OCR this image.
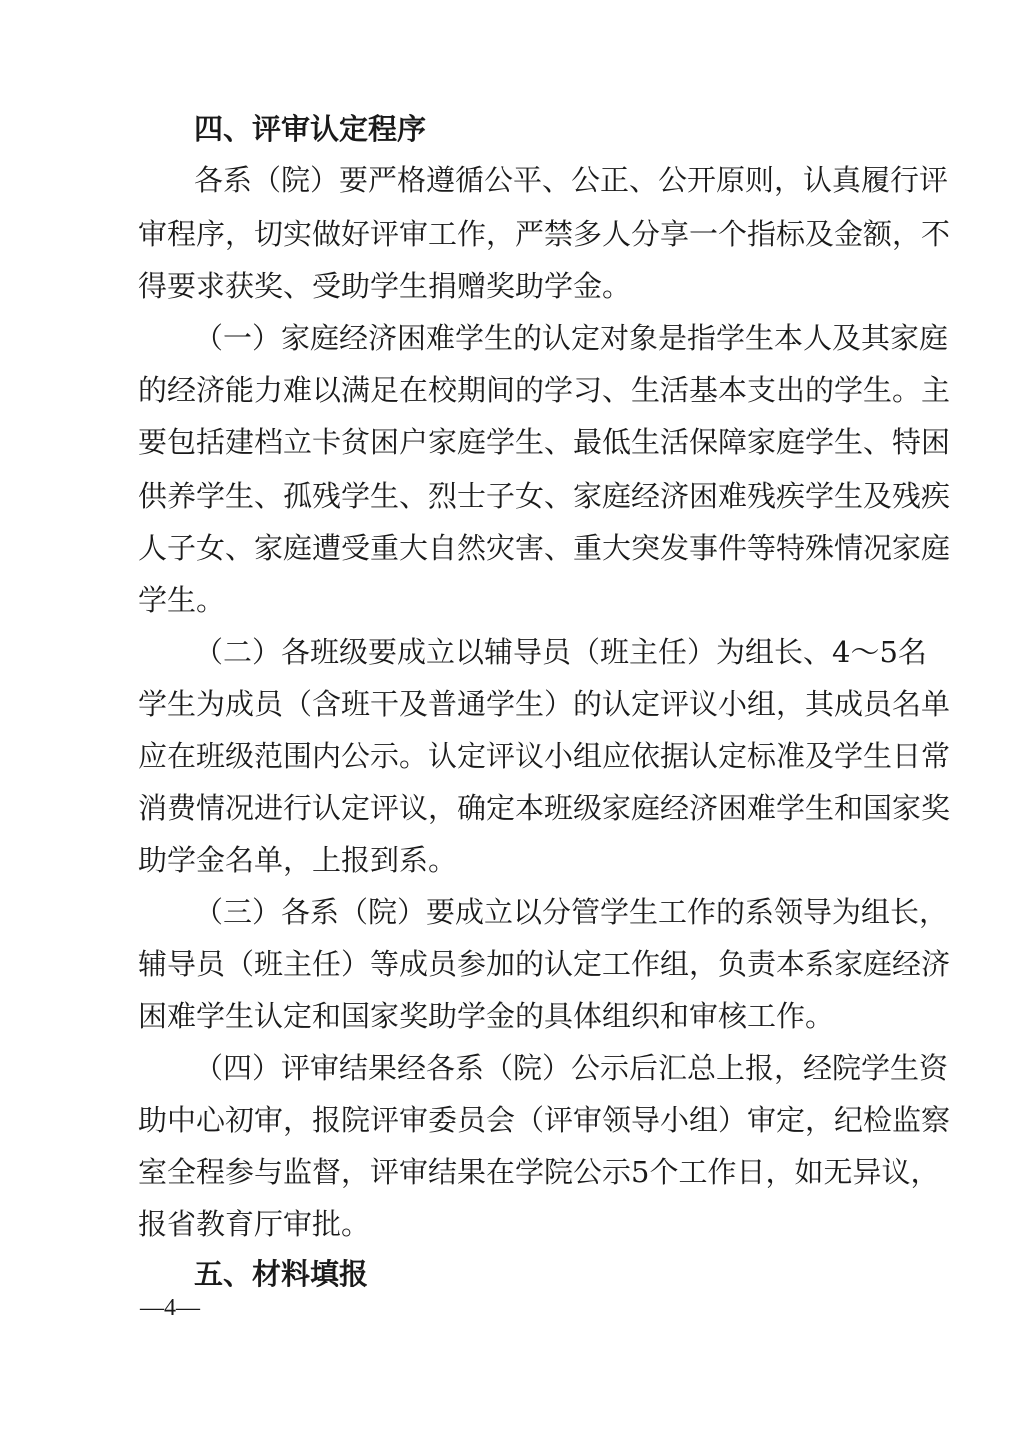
四、评审认定程序
各系（院）要严格遵循公平、公正、公开原则，认真履行评
审程序，切实做好评审工作，严禁多人分享一个指标及金额，不
得要求获奖、受助学生捐赠奖助学金。
（一）家庭经济困难学生的认定对象是指学生本人及其家庭
的经济能力难以满足在校期间的学习、生活基本支出的学生。主
要包括建档立卡贫困户家庭学生、最低生活保障家庭学生、特困
供养学生、孤残学生、烈士子女、家庭经济困难残疾学生及残疾
人子女、家庭遭受重大自然灾害、重大突发事件等特殊情况家庭
学生。
（二）各班级要成立以辅导员（班主任）为组长、4～5名
学生为成员（含班干及普通学生）的认定评议小组，其成员名单
应在班级范围内公示。认定评议小组应依据认定标准及学生日常
消费情况进行认定评议，确定本班级家庭经济困难学生和国家奖
助学金名单，上报到系。
（三）各系（院）要成立以分管学生工作的系领导为组长，
辅导员（班主任）等成员参加的认定工作组，负责本系家庭经济
困难学生认定和国家奖助学金的具体组织和审核工作。
（四）评审结果经各系（院）公示后汇总上报，经院学生资
助中心初审，报院评审委员会（评审领导小组）审定，纪检监察
室全程参与监督，评审结果在学院公示5个工作日，如无异议，
报省教育厅审批。
五、材料填报
—4—
